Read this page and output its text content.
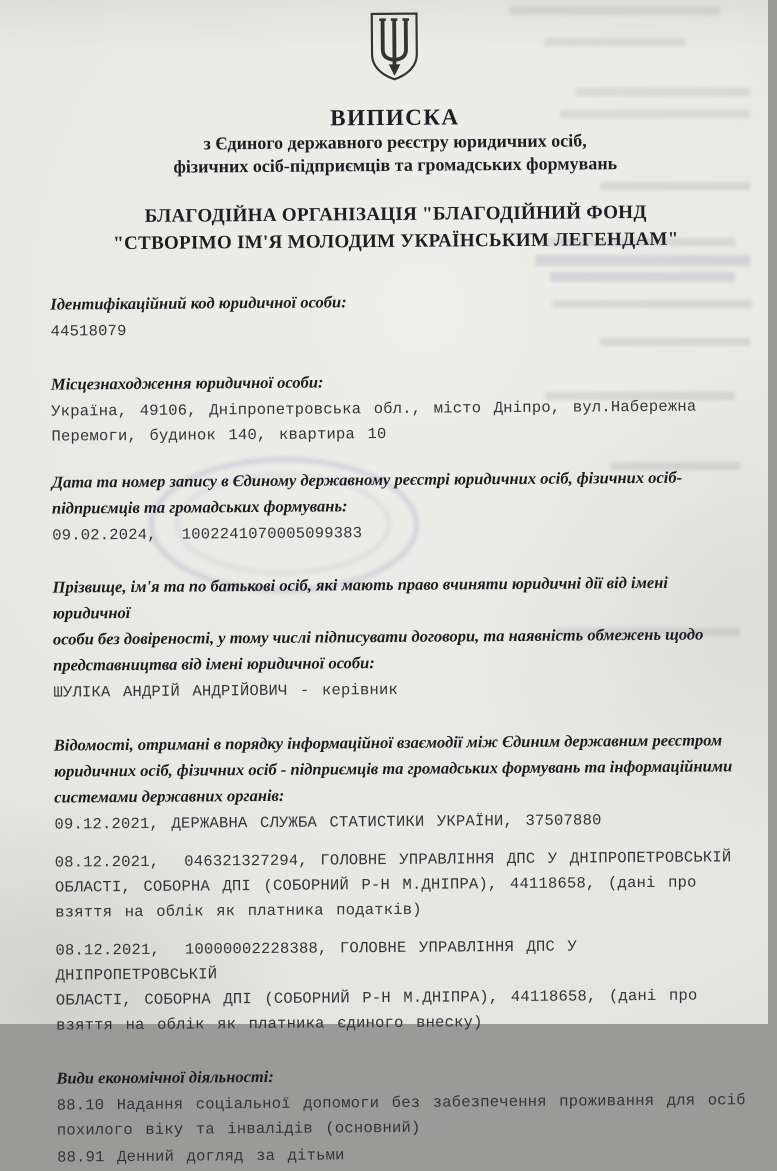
ВИПИСКА
з Єдиного державного реєстру юридичних осіб,
фізичних осіб-підприємців та громадських формувань
БЛАГОДІЙНА ОРГАНІЗАЦІЯ "БЛАГОДІЙНИЙ ФОНД
"СТВОРІМО ІМ'Я МОЛОДИМ УКРАЇНСЬКИМ ЛЕГЕНДАМ"
Ідентифікаційний код юридичної особи:
44518079
Місцезнаходження юридичної особи:
Україна, 49106, Дніпропетровська обл., місто Дніпро, вул.Набережна
Перемоги, будинок 140, квартира 10
Дата та номер запису в Єдиному державному реєстрі юридичних осіб, фізичних осіб-
підприємців та громадських формувань:
09.02.2024,  1002241070005099383
Прізвище, ім'я та по батькові осіб, які мають право вчиняти юридичні дії від імені юридичної
особи без довіреності, у тому числі підписувати договори, та наявність обмежень щодо
представництва від імені юридичної особи:
ШУЛІКА АНДРІЙ АНДРІЙОВИЧ - керівник
Відомості, отримані в порядку інформаційної взаємодії між Єдиним державним реєстром
юридичних осіб, фізичних осіб - підприємців та громадських формувань та інформаційними
системами державних органів:
09.12.2021, ДЕРЖАВНА СЛУЖБА СТАТИСТИКИ УКРАЇНИ, 37507880
08.12.2021,  046321327294, ГОЛОВНЕ УПРАВЛІННЯ ДПС У ДНІПРОПЕТРОВСЬКІЙ
ОБЛАСТІ, СОБОРНА ДПІ (СОБОРНИЙ Р-Н М.ДНІПРА), 44118658, (дані про
взяття на облік як платника податків)
08.12.2021,  10000002228388, ГОЛОВНЕ УПРАВЛІННЯ ДПС У ДНІПРОПЕТРОВСЬКІЙ
ОБЛАСТІ, СОБОРНА ДПІ (СОБОРНИЙ Р-Н М.ДНІПРА), 44118658, (дані про
взяття на облік як платника єдиного внеску)
Види економічної діяльності:
88.10 Надання соціальної допомоги без забезпечення проживання для осіб
похилого віку та інвалідів (основний)
88.91 Денний догляд за дітьми
